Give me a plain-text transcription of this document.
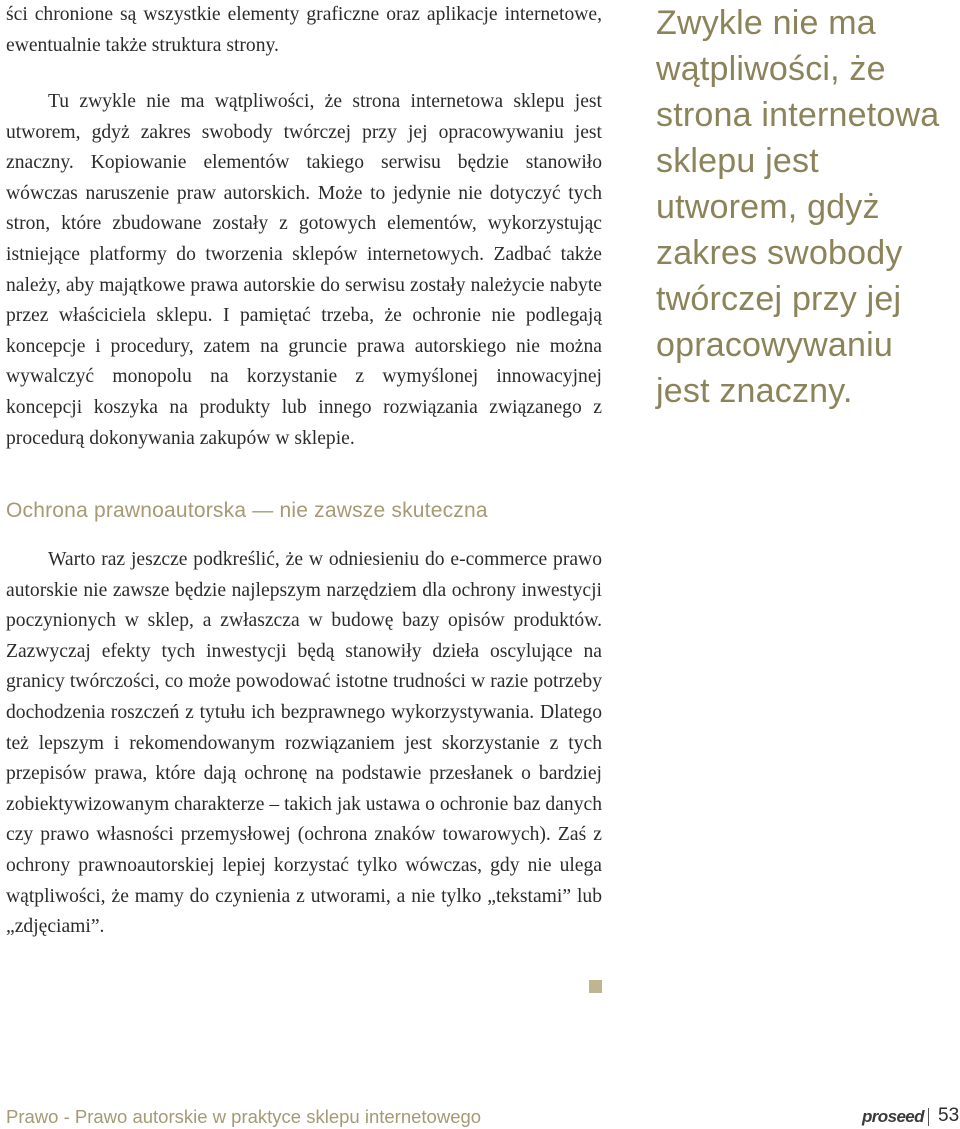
ści chronione są wszystkie elementy graficzne oraz aplikacje internetowe, ewentualnie także struktura strony.

Tu zwykle nie ma wątpliwości, że strona internetowa sklepu jest utworem, gdyż zakres swobody twórczej przy jej opracowywaniu jest znaczny. Kopiowanie elementów takiego serwisu będzie stanowiło wówczas naruszenie praw autorskich. Może to jedynie nie dotyczyć tych stron, które zbudowane zostały z gotowych elementów, wykorzystując istniejące platformy do tworzenia sklepów internetowych. Zadbać także należy, aby majątkowe prawa autorskie do serwisu zostały należycie nabyte przez właściciela sklepu. I pamiętać trzeba, że ochronie nie podlegają koncepcje i procedury, zatem na gruncie prawa autorskiego nie można wywalczyć monopolu na korzystanie z wymyślonej innowacyjnej koncepcji koszyka na produkty lub innego rozwiązania związanego z procedurą dokonywania zakupów w sklepie.

Ochrona prawnoautorska — nie zawsze skuteczna

Warto raz jeszcze podkreślić, że w odniesieniu do e-commerce prawo autorskie nie zawsze będzie najlepszym narzędziem dla ochrony inwestycji poczynionych w sklep, a zwłaszcza w budowę bazy opisów produktów. Zazwyczaj efekty tych inwestycji będą stanowiły dzieła oscylujące na granicy twórczości, co może powodować istotne trudności w razie potrzeby dochodzenia roszczeń z tytułu ich bezprawnego wykorzystywania. Dlatego też lepszym i rekomendowanym rozwiązaniem jest skorzystanie z tych przepisów prawa, które dają ochronę na podstawie przesłanek o bardziej zobiektywizowanym charakterze – takich jak ustawa o ochronie baz danych czy prawo własności przemysłowej (ochrona znaków towarowych). Zaś z ochrony prawnoautorskiej lepiej korzystać tylko wówczas, gdy nie ulega wątpliwości, że mamy do czynienia z utworami, a nie tylko „tekstami” lub „zdjęciami”.

Zwykle nie ma wątpliwości, że strona internetowa sklepu jest utworem, gdyż zakres swobody twórczej przy jej opracowywaniu jest znaczny.

Prawo - Prawo autorskie w praktyce sklepu internetowego	proseed 53
